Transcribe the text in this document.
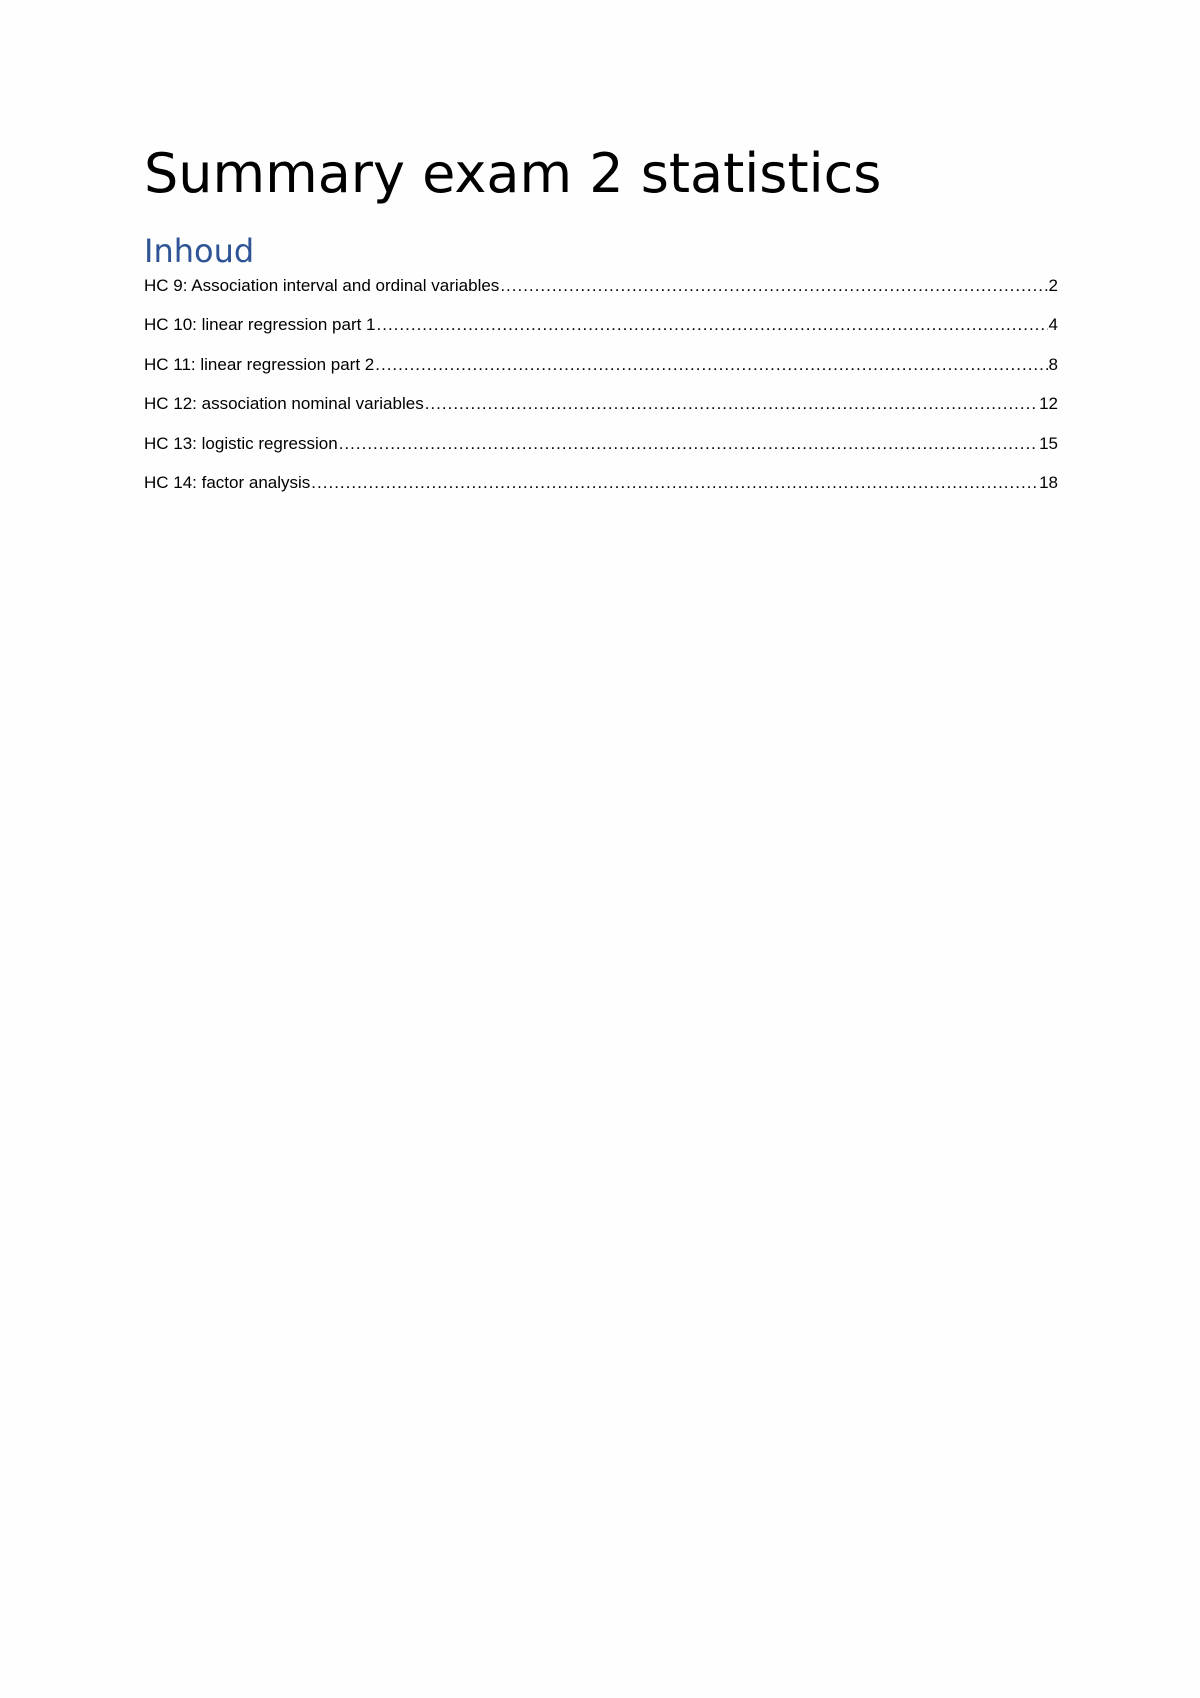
Summary exam 2 statistics
Inhoud
HC 9: Association interval and ordinal variables .....	2
HC 10: linear regression part 1 .....	4
HC 11: linear regression part 2 .....	8
HC 12: association nominal variables .....	12
HC 13: logistic regression .....	15
HC 14: factor analysis .....	18
